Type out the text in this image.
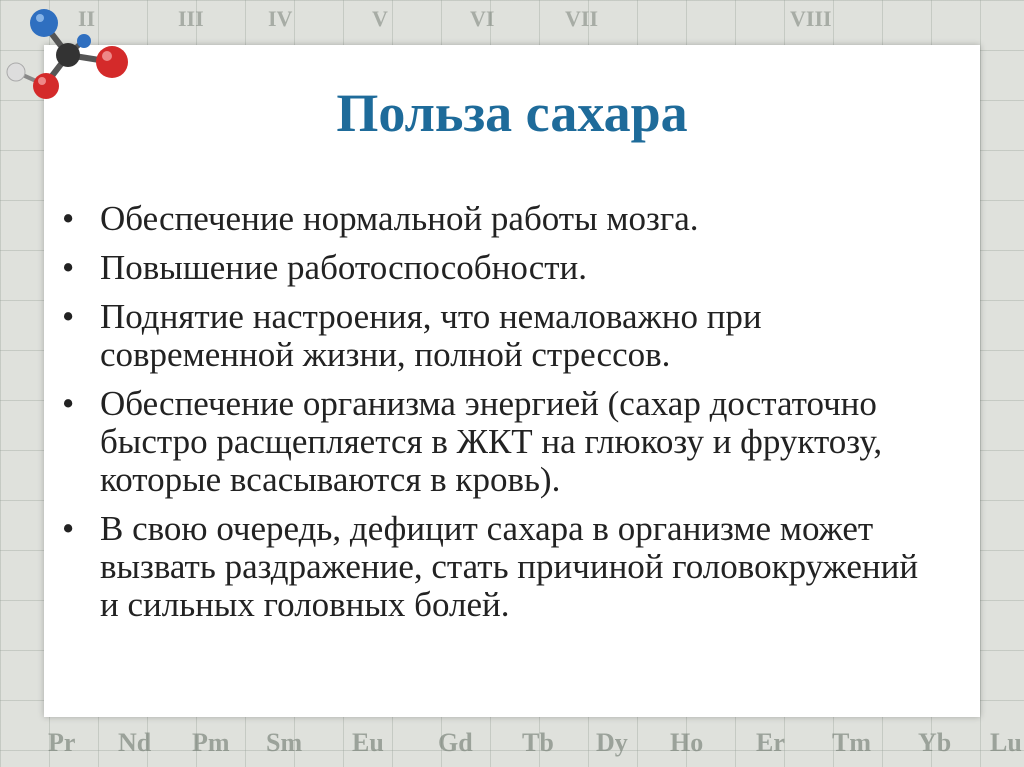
II	III	IV	V	VI	VII	VIII
Pr Nd Pm Sm Eu Gd Tb Dy Ho Er Tm Yb Lu
Польза сахара
• Обеспечение нормальной работы мозга.
• Повышение работоспособности.
• Поднятие настроения, что немаловажно при современной жизни, полной стрессов.
• Обеспечение организма энергией (сахар достаточно быстро расщепляется в ЖКТ на глюкозу и фруктозу, которые всасываются в кровь).
• В свою очередь, дефицит сахара в организме может вызвать раздражение, стать причиной головокружений и сильных головных болей.
